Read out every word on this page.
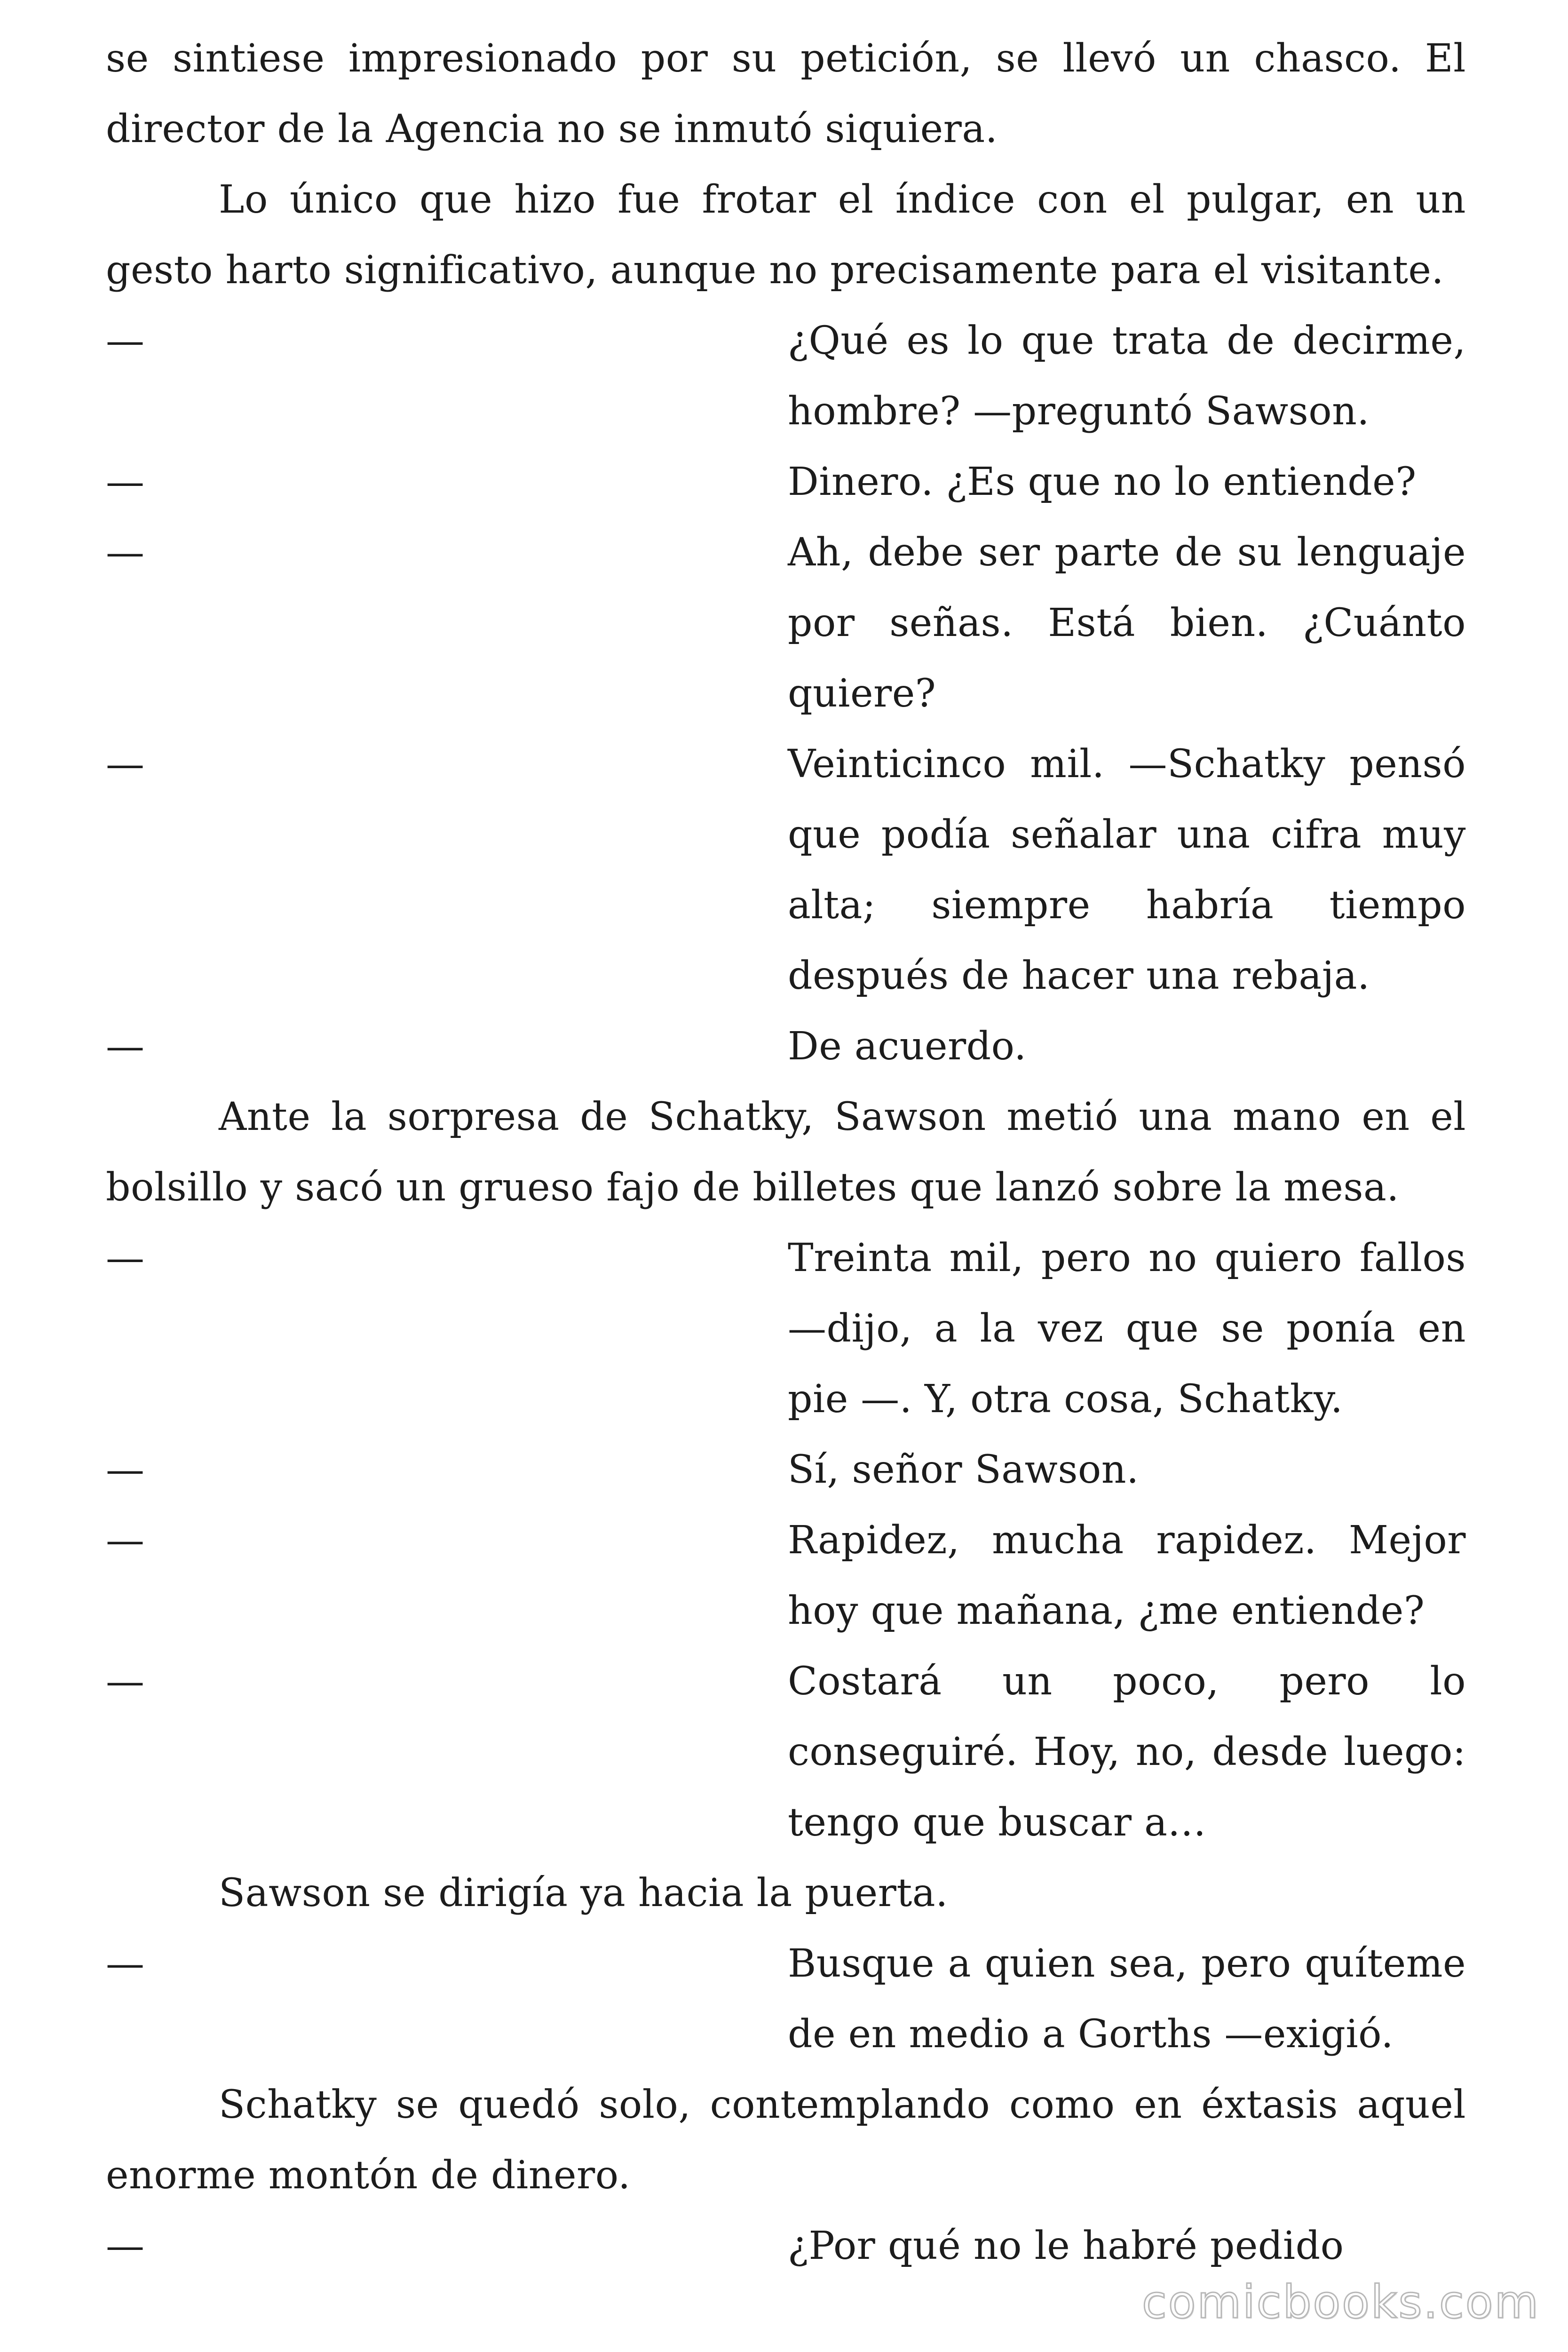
se sintiese impresionado por su petición, se llevó un chasco. El director de la Agencia no se inmutó siquiera.

Lo único que hizo fue frotar el índice con el pulgar, en un gesto harto significativo, aunque no precisamente para el visitante.

—	¿Qué es lo que trata de decirme, hombre? —preguntó Sawson.
—	Dinero. ¿Es que no lo entiende?
—	Ah, debe ser parte de su lenguaje por señas. Está bien. ¿Cuánto quiere?
—	Veinticinco mil. —Schatky pensó que podía señalar una cifra muy alta; siempre habría tiempo después de hacer una rebaja.
—	De acuerdo.

Ante la sorpresa de Schatky, Sawson metió una mano en el bolsillo y sacó un grueso fajo de billetes que lanzó sobre la mesa.

—	Treinta mil, pero no quiero fallos —dijo, a la vez que se ponía en pie —. Y, otra cosa, Schatky.
—	Sí, señor Sawson.
—	Rapidez, mucha rapidez. Mejor hoy que mañana, ¿me entiende?
—	Costará un poco, pero lo conseguiré. Hoy, no, desde luego: tengo que buscar a…

Sawson se dirigía ya hacia la puerta.

—	Busque a quien sea, pero quíteme de en medio a Gorths —exigió.

Schatky se quedó solo, contemplando como en éxtasis aquel enorme montón de dinero.

—	¿Por qué no le habré pedido
comicbooks.com
